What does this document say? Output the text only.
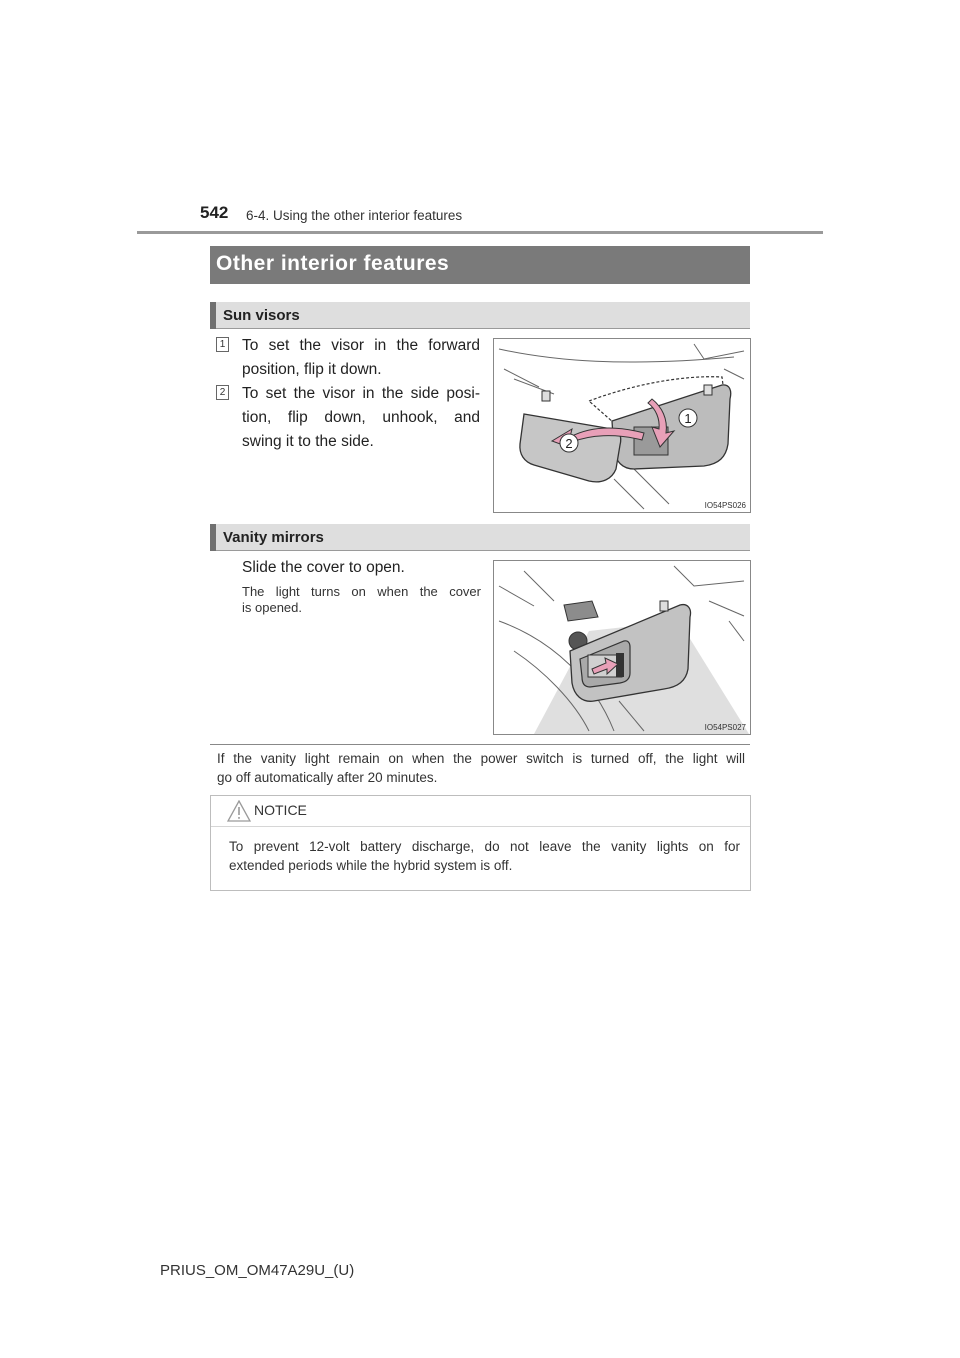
542 6-4. Using the other interior features
Other interior features
Sun visors
1 To set the visor in the forward
position, flip it down.
2 To set the visor in the side posi-
tion, flip down, unhook, and
swing it to the side.
1
2
IO54PS026
Vanity mirrors
Slide the cover to open.
The light turns on when the cover
is opened.
IO54PS027
If the vanity light remain on when the power switch is turned off, the light will
go off automatically after 20 minutes.
NOTICE
To prevent 12-volt battery discharge, do not leave the vanity lights on for
extended periods while the hybrid system is off.
PRIUS_OM_OM47A29U_(U)
